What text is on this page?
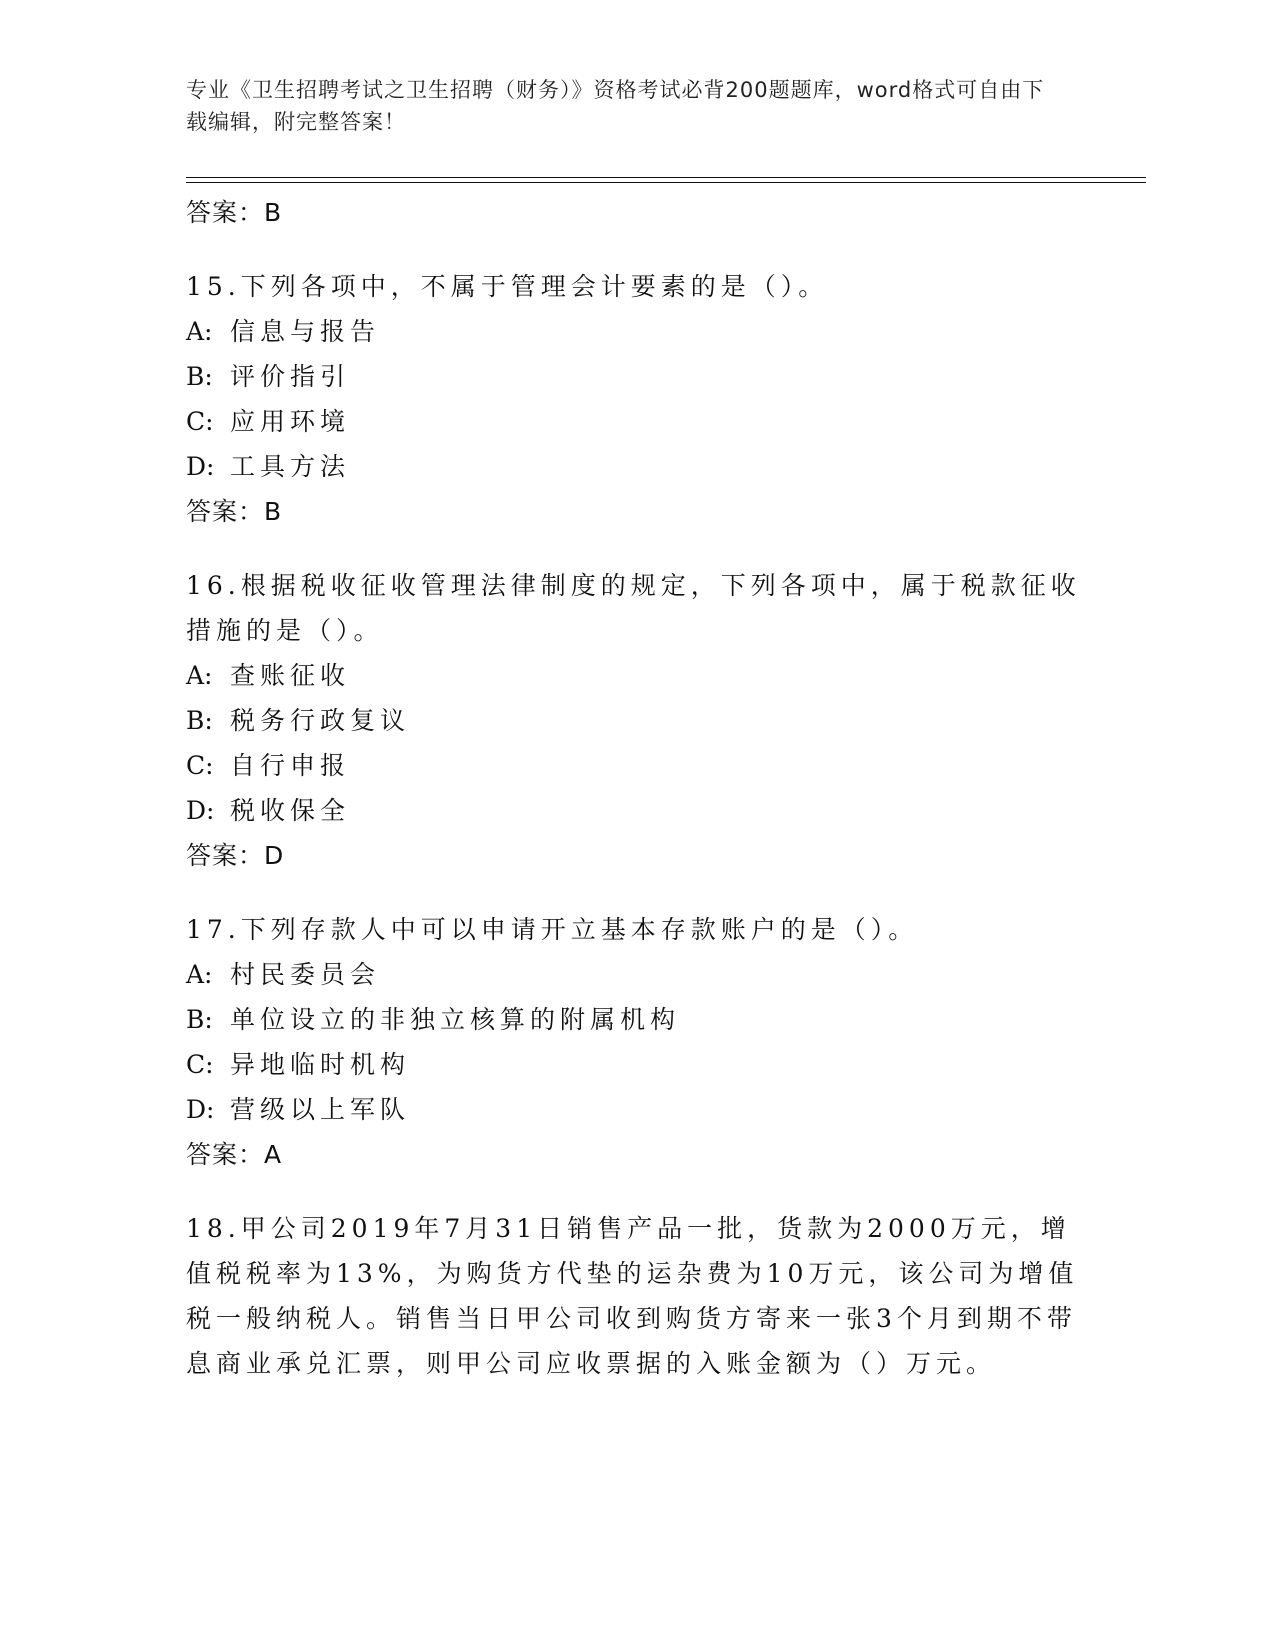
专业《卫生招聘考试之卫生招聘（财务）》资格考试必背200题题库，word格式可自由下载编辑，附完整答案！

答案：B

15.下列各项中，不属于管理会计要素的是（）。

A: 信息与报告

B: 评价指引

C: 应用环境

D: 工具方法

答案：B

16.根据税收征收管理法律制度的规定，下列各项中，属于税款征收措施的是（）。

A: 查账征收

B: 税务行政复议

C: 自行申报

D: 税收保全

答案：D

17.下列存款人中可以申请开立基本存款账户的是（）。

A: 村民委员会

B: 单位设立的非独立核算的附属机构

C: 异地临时机构

D: 营级以上军队

答案：A

18.甲公司2019年7月31日销售产品一批，货款为2000万元，增值税税率为13%，为购货方代垫的运杂费为10万元，该公司为增值税一般纳税人。销售当日甲公司收到购货方寄来一张3个月到期不带息商业承兑汇票，则甲公司应收票据的入账金额为（）万元。
